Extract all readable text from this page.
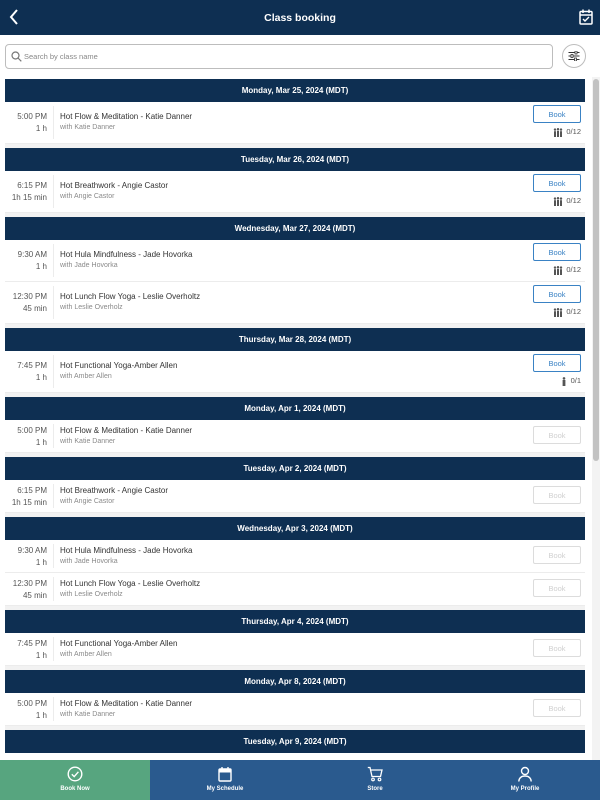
Class booking
Search by class name
Monday, Mar 25, 2024 (MDT)
5:00 PM
1 h
Hot Flow & Meditation - Katie Danner
with Katie Danner
Book
0/12
Tuesday, Mar 26, 2024 (MDT)
6:15 PM
1h 15 min
Hot Breathwork - Angie Castor
with Angie Castor
Book
0/12
Wednesday, Mar 27, 2024 (MDT)
9:30 AM
1 h
Hot Hula Mindfulness - Jade Hovorka
with Jade Hovorka
Book
0/12
12:30 PM
45 min
Hot Lunch Flow Yoga - Leslie Overholtz
with Leslie Overholz
Book
0/12
Thursday, Mar 28, 2024 (MDT)
7:45 PM
1 h
Hot Functional Yoga-Amber Allen
with Amber Allen
Book
0/1
Monday, Apr 1, 2024 (MDT)
5:00 PM
1 h
Hot Flow & Meditation - Katie Danner
with Katie Danner
Book
Tuesday, Apr 2, 2024 (MDT)
6:15 PM
1h 15 min
Hot Breathwork - Angie Castor
with Angie Castor
Book
Wednesday, Apr 3, 2024 (MDT)
9:30 AM
1 h
Hot Hula Mindfulness - Jade Hovorka
with Jade Hovorka
Book
12:30 PM
45 min
Hot Lunch Flow Yoga - Leslie Overholtz
with Leslie Overholz
Book
Thursday, Apr 4, 2024 (MDT)
7:45 PM
1 h
Hot Functional Yoga-Amber Allen
with Amber Allen
Book
Monday, Apr 8, 2024 (MDT)
5:00 PM
1 h
Hot Flow & Meditation - Katie Danner
with Katie Danner
Book
Tuesday, Apr 9, 2024 (MDT)
Book Now	My Schedule	Store	My Profile
